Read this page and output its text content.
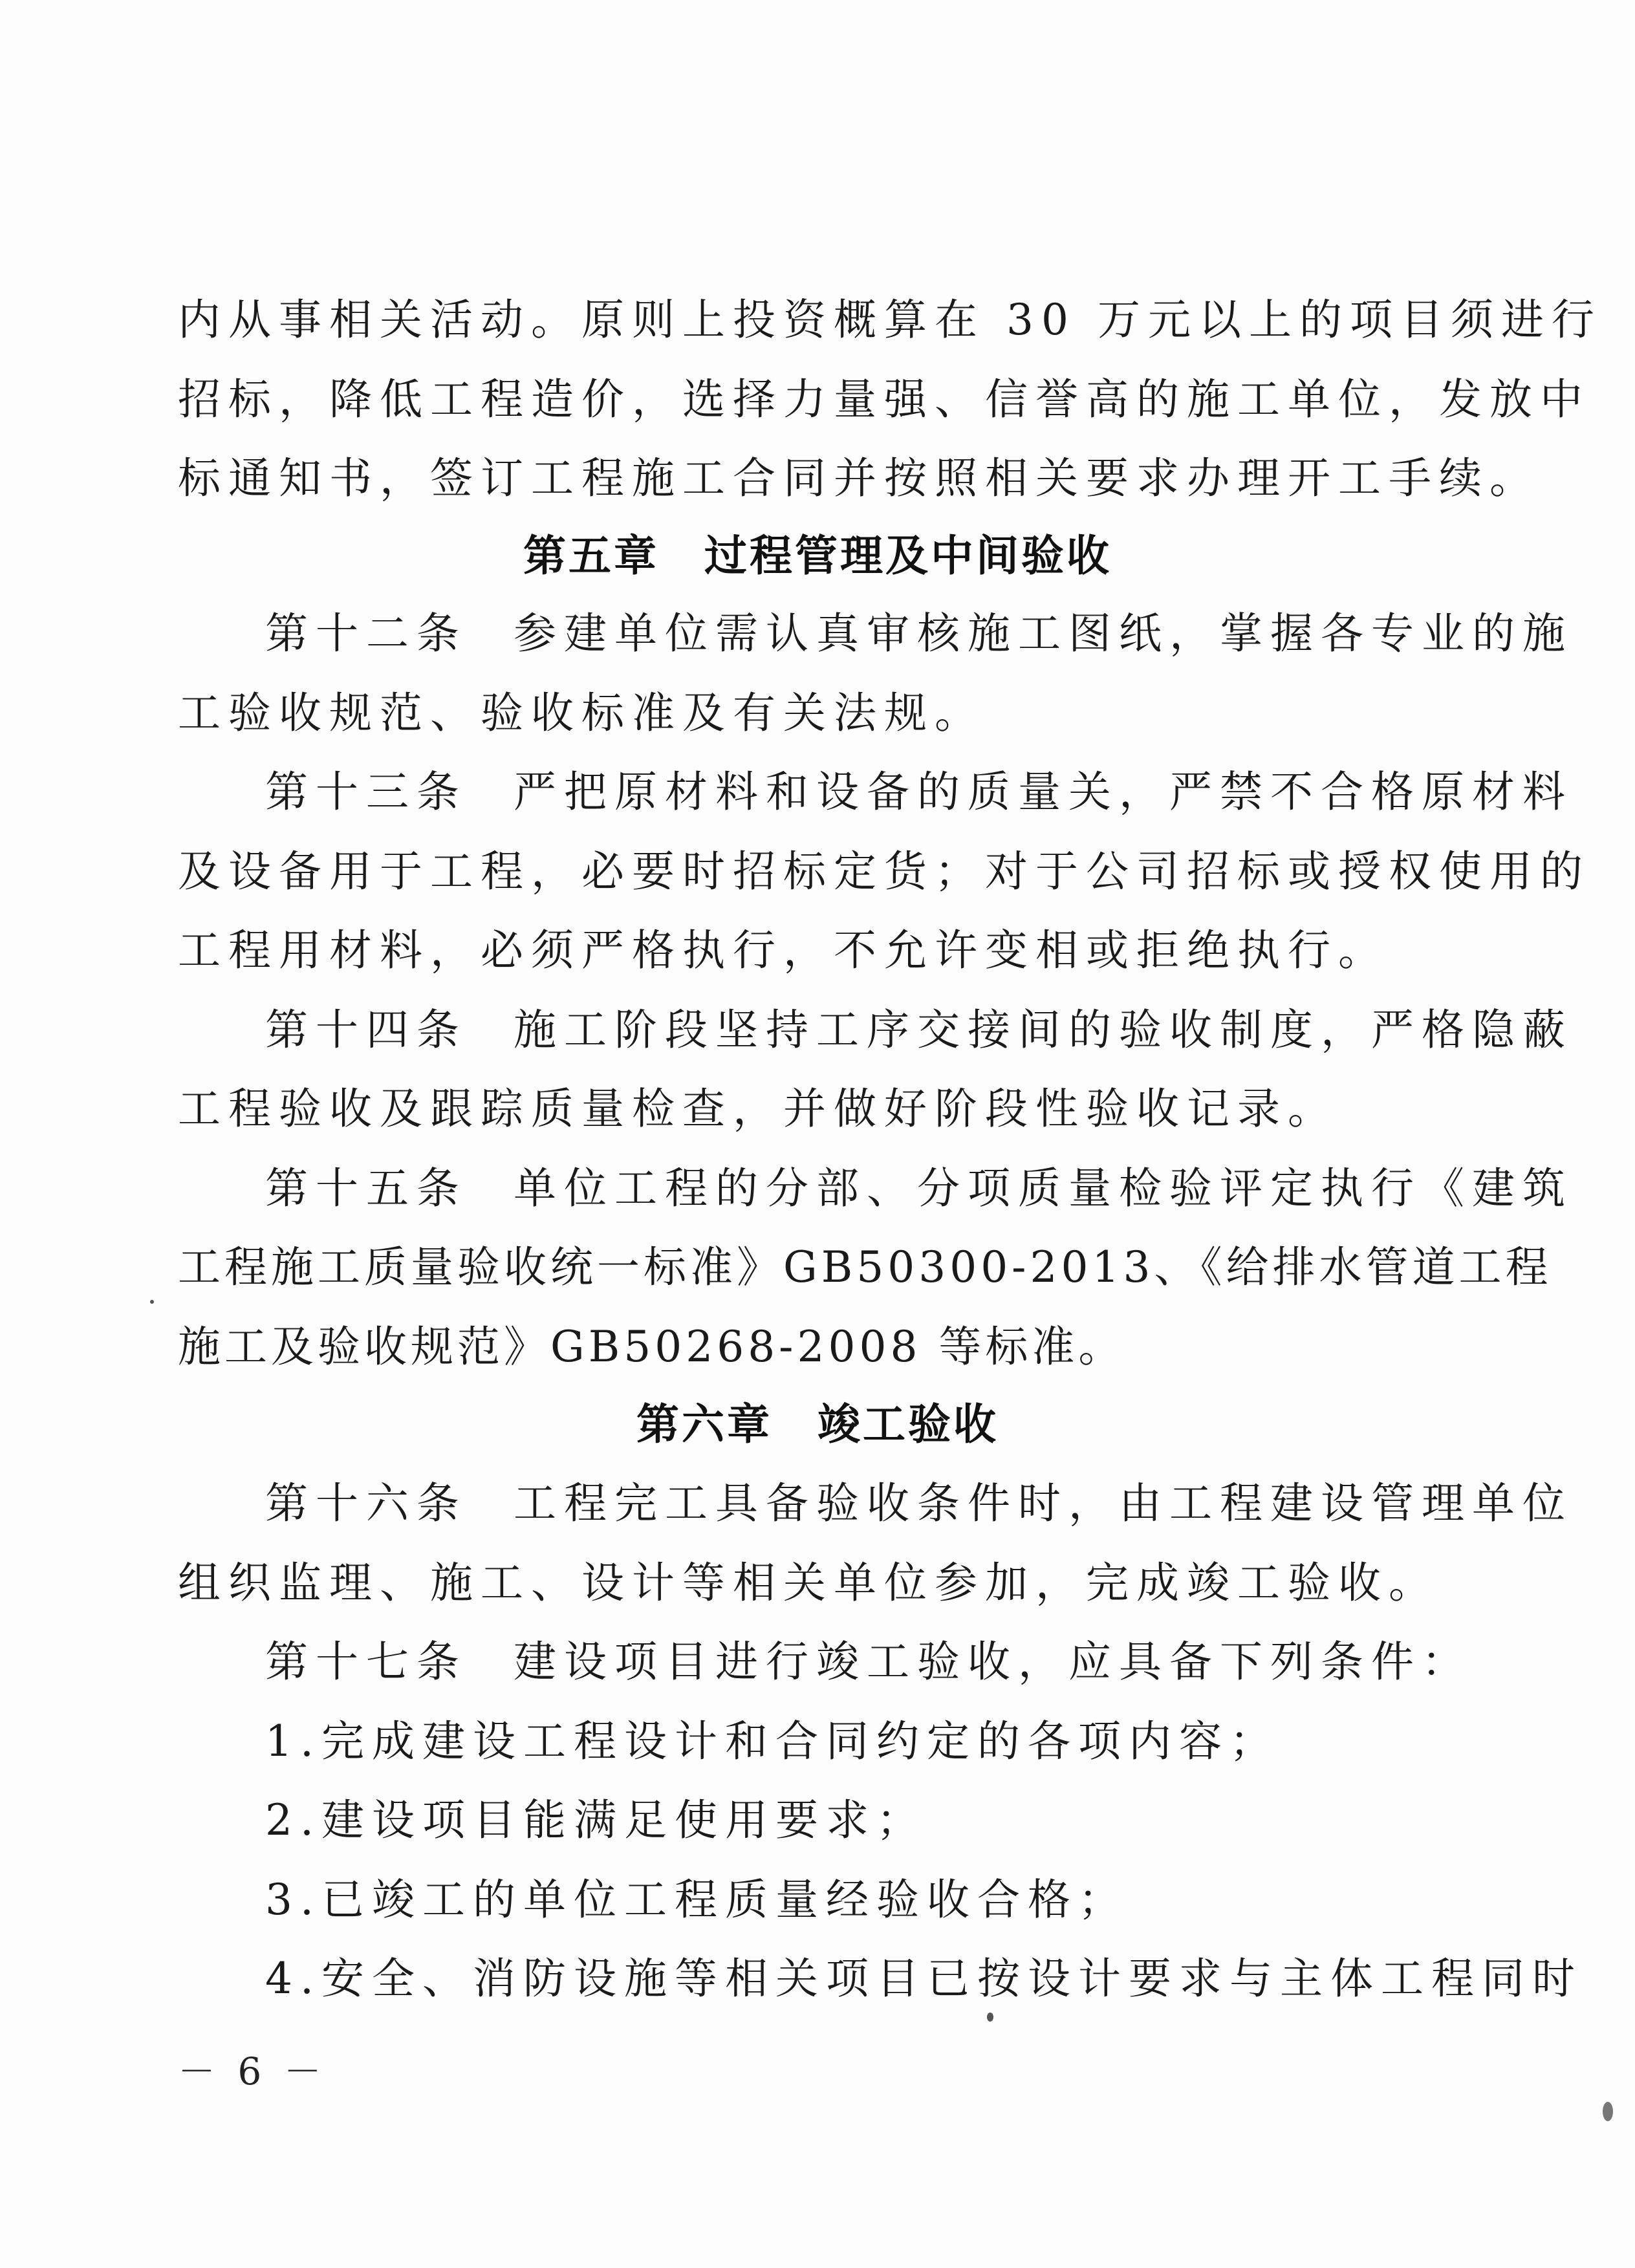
内从事相关活动。原则上投资概算在 30 万元以上的项目须进行
招标，降低工程造价，选择力量强、信誉高的施工单位，发放中
标通知书，签订工程施工合同并按照相关要求办理开工手续。
第五章　过程管理及中间验收
第十二条 参建单位需认真审核施工图纸，掌握各专业的施
工验收规范、验收标准及有关法规。
第十三条 严把原材料和设备的质量关，严禁不合格原材料
及设备用于工程，必要时招标定货；对于公司招标或授权使用的
工程用材料，必须严格执行，不允许变相或拒绝执行。
第十四条 施工阶段坚持工序交接间的验收制度，严格隐蔽
工程验收及跟踪质量检查，并做好阶段性验收记录。
第十五条 单位工程的分部、分项质量检验评定执行《建筑
工程施工质量验收统一标准》GB50300-2013、《给排水管道工程
施工及验收规范》GB50268-2008 等标准。
第六章　竣工验收
第十六条 工程完工具备验收条件时，由工程建设管理单位
组织监理、施工、设计等相关单位参加，完成竣工验收。
第十七条 建设项目进行竣工验收，应具备下列条件：
1.完成建设工程设计和合同约定的各项内容；
2.建设项目能满足使用要求；
3.已竣工的单位工程质量经验收合格；
4.安全、消防设施等相关项目已按设计要求与主体工程同时
－ 6 －
